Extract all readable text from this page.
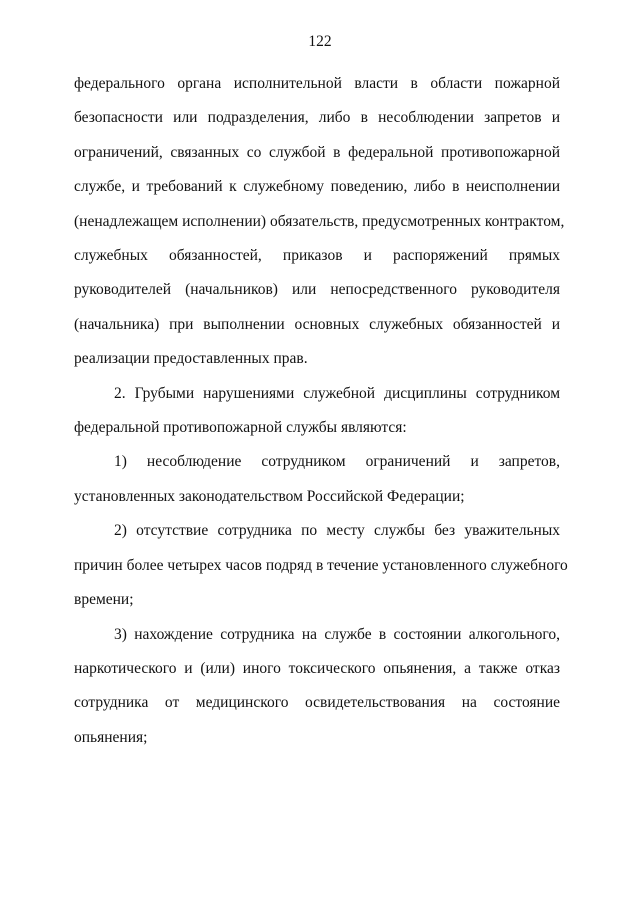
122
федерального органа исполнительной власти в области пожарной
безопасности или подразделения, либо в несоблюдении запретов и
ограничений, связанных со службой в федеральной противопожарной
службе, и требований к служебному поведению, либо в неисполнении
(ненадлежащем исполнении) обязательств, предусмотренных контрактом,
служебных обязанностей, приказов и распоряжений прямых
руководителей (начальников) или непосредственного руководителя
(начальника) при выполнении основных служебных обязанностей и
реализации предоставленных прав.
2. Грубыми нарушениями служебной дисциплины сотрудником
федеральной противопожарной службы являются:
1) несоблюдение сотрудником ограничений и запретов,
установленных законодательством Российской Федерации;
2) отсутствие сотрудника по месту службы без уважительных
причин более четырех часов подряд в течение установленного служебного
времени;
3) нахождение сотрудника на службе в состоянии алкогольного,
наркотического и (или) иного токсического опьянения, а также отказ
сотрудника от медицинского освидетельствования на состояние
опьянения;
